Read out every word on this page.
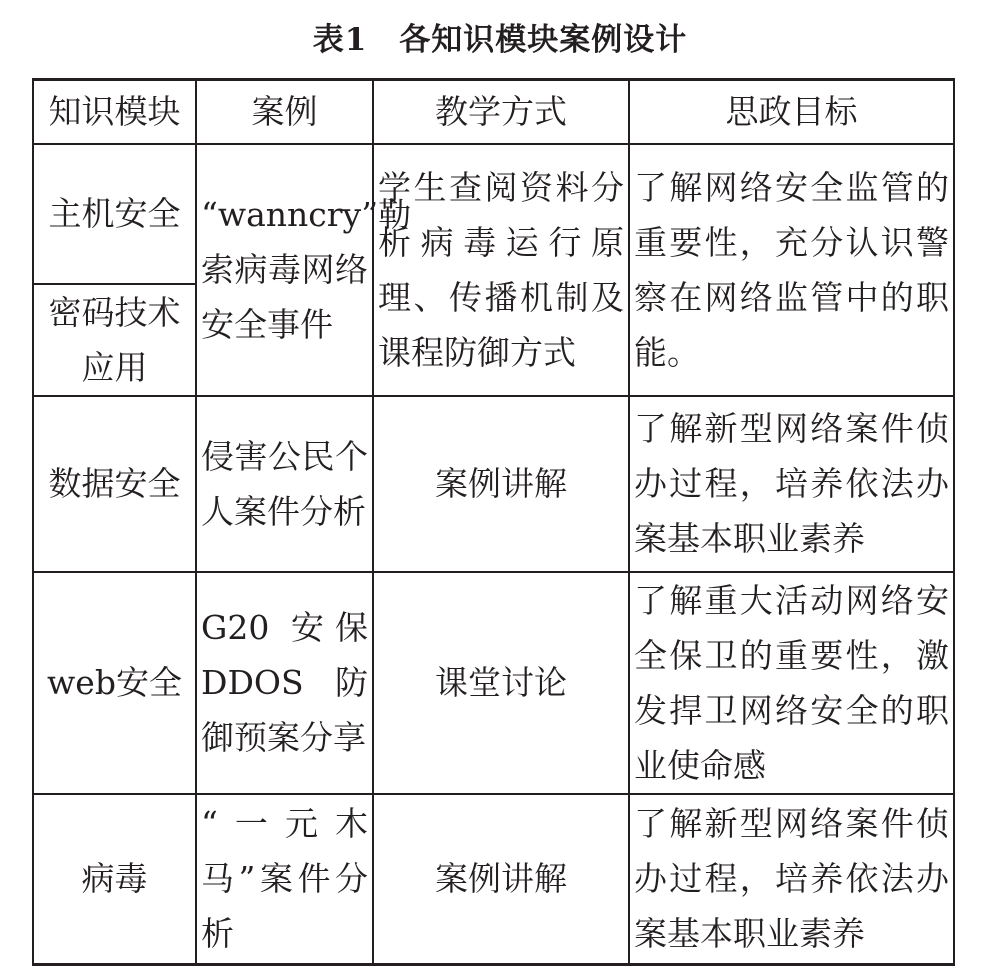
表1　各知识模块案例设计
知识模块	案例	教学方式	思政目标
主机安全	“wanncry”勒索病毒网络安全事件	学生查阅资料分析病毒运行原理、传播机制及课程防御方式	了解网络安全监管的重要性，充分认识警察在网络监管中的职能。
密码技术应用			
数据安全	侵害公民个人案件分析	案例讲解	了解新型网络案件侦办过程，培养依法办案基本职业素养
web安全	G20 安保DDOS 防御预案分享	课堂讨论	了解重大活动网络安全保卫的重要性，激发捍卫网络安全的职业使命感
病毒	“一元木马”案件分析	案例讲解	了解新型网络案件侦办过程，培养依法办案基本职业素养
